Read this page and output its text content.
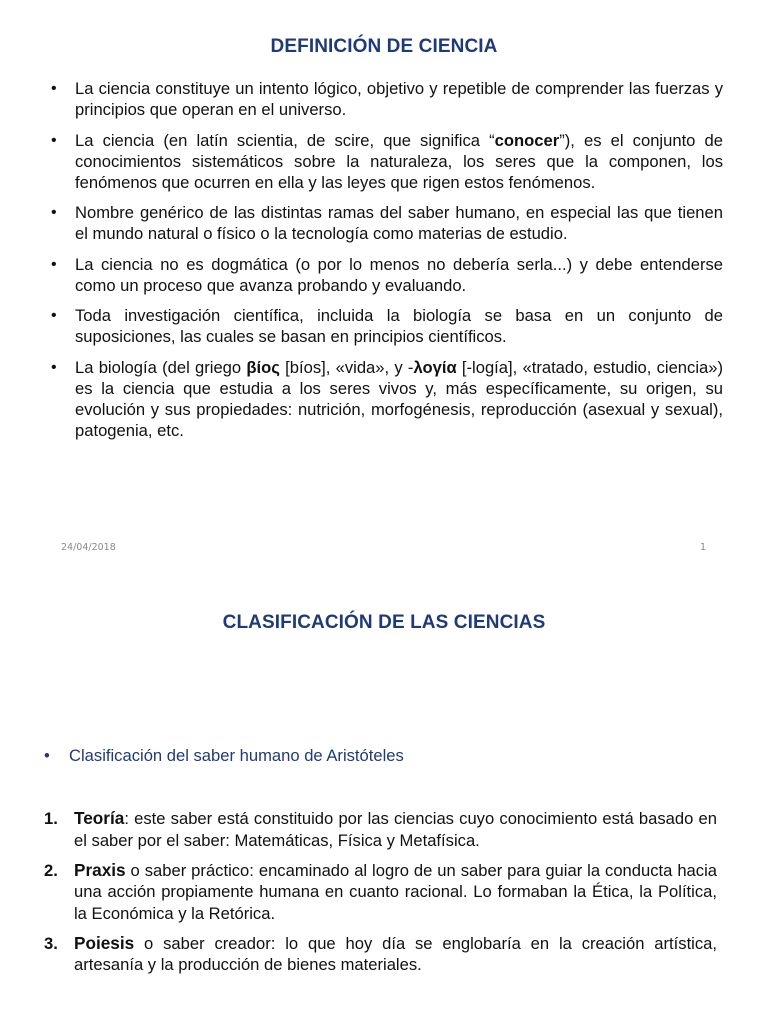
DEFINICIÓN DE CIENCIA
• La ciencia constituye un intento lógico, objetivo y repetible de comprender las fuerzas y principios que operan en el universo.
• La ciencia (en latín scientia, de scire, que significa “conocer”), es el conjunto de conocimientos sistemáticos sobre la naturaleza, los seres que la componen, los fenómenos que ocurren en ella y las leyes que rigen estos fenómenos.
• Nombre genérico de las distintas ramas del saber humano, en especial las que tienen el mundo natural o físico o la tecnología como materias de estudio.
• La ciencia no es dogmática (o por lo menos no debería serla...) y debe entenderse como un proceso que avanza probando y evaluando.
• Toda investigación científica, incluida la biología se basa en un conjunto de suposiciones, las cuales se basan en principios científicos.
• La biología (del griego βίος [bíos], «vida», y -λογία [-logía], «tratado, estudio, ciencia») es la ciencia que estudia a los seres vivos y, más específicamente, su origen, su evolución y sus propiedades: nutrición, morfogénesis, reproducción (asexual y sexual), patogenia, etc.
24/04/2018	1
CLASIFICACIÓN DE LAS CIENCIAS
• Clasificación del saber humano de Aristóteles
1. Teoría: este saber está constituido por las ciencias cuyo conocimiento está basado en el saber por el saber: Matemáticas, Física y Metafísica.
2. Praxis o saber práctico: encaminado al logro de un saber para guiar la conducta hacia una acción propiamente humana en cuanto racional. Lo formaban la Ética, la Política, la Económica y la Retórica.
3. Poiesis o saber creador: lo que hoy día se englobaría en la creación artística, artesanía y la producción de bienes materiales.
